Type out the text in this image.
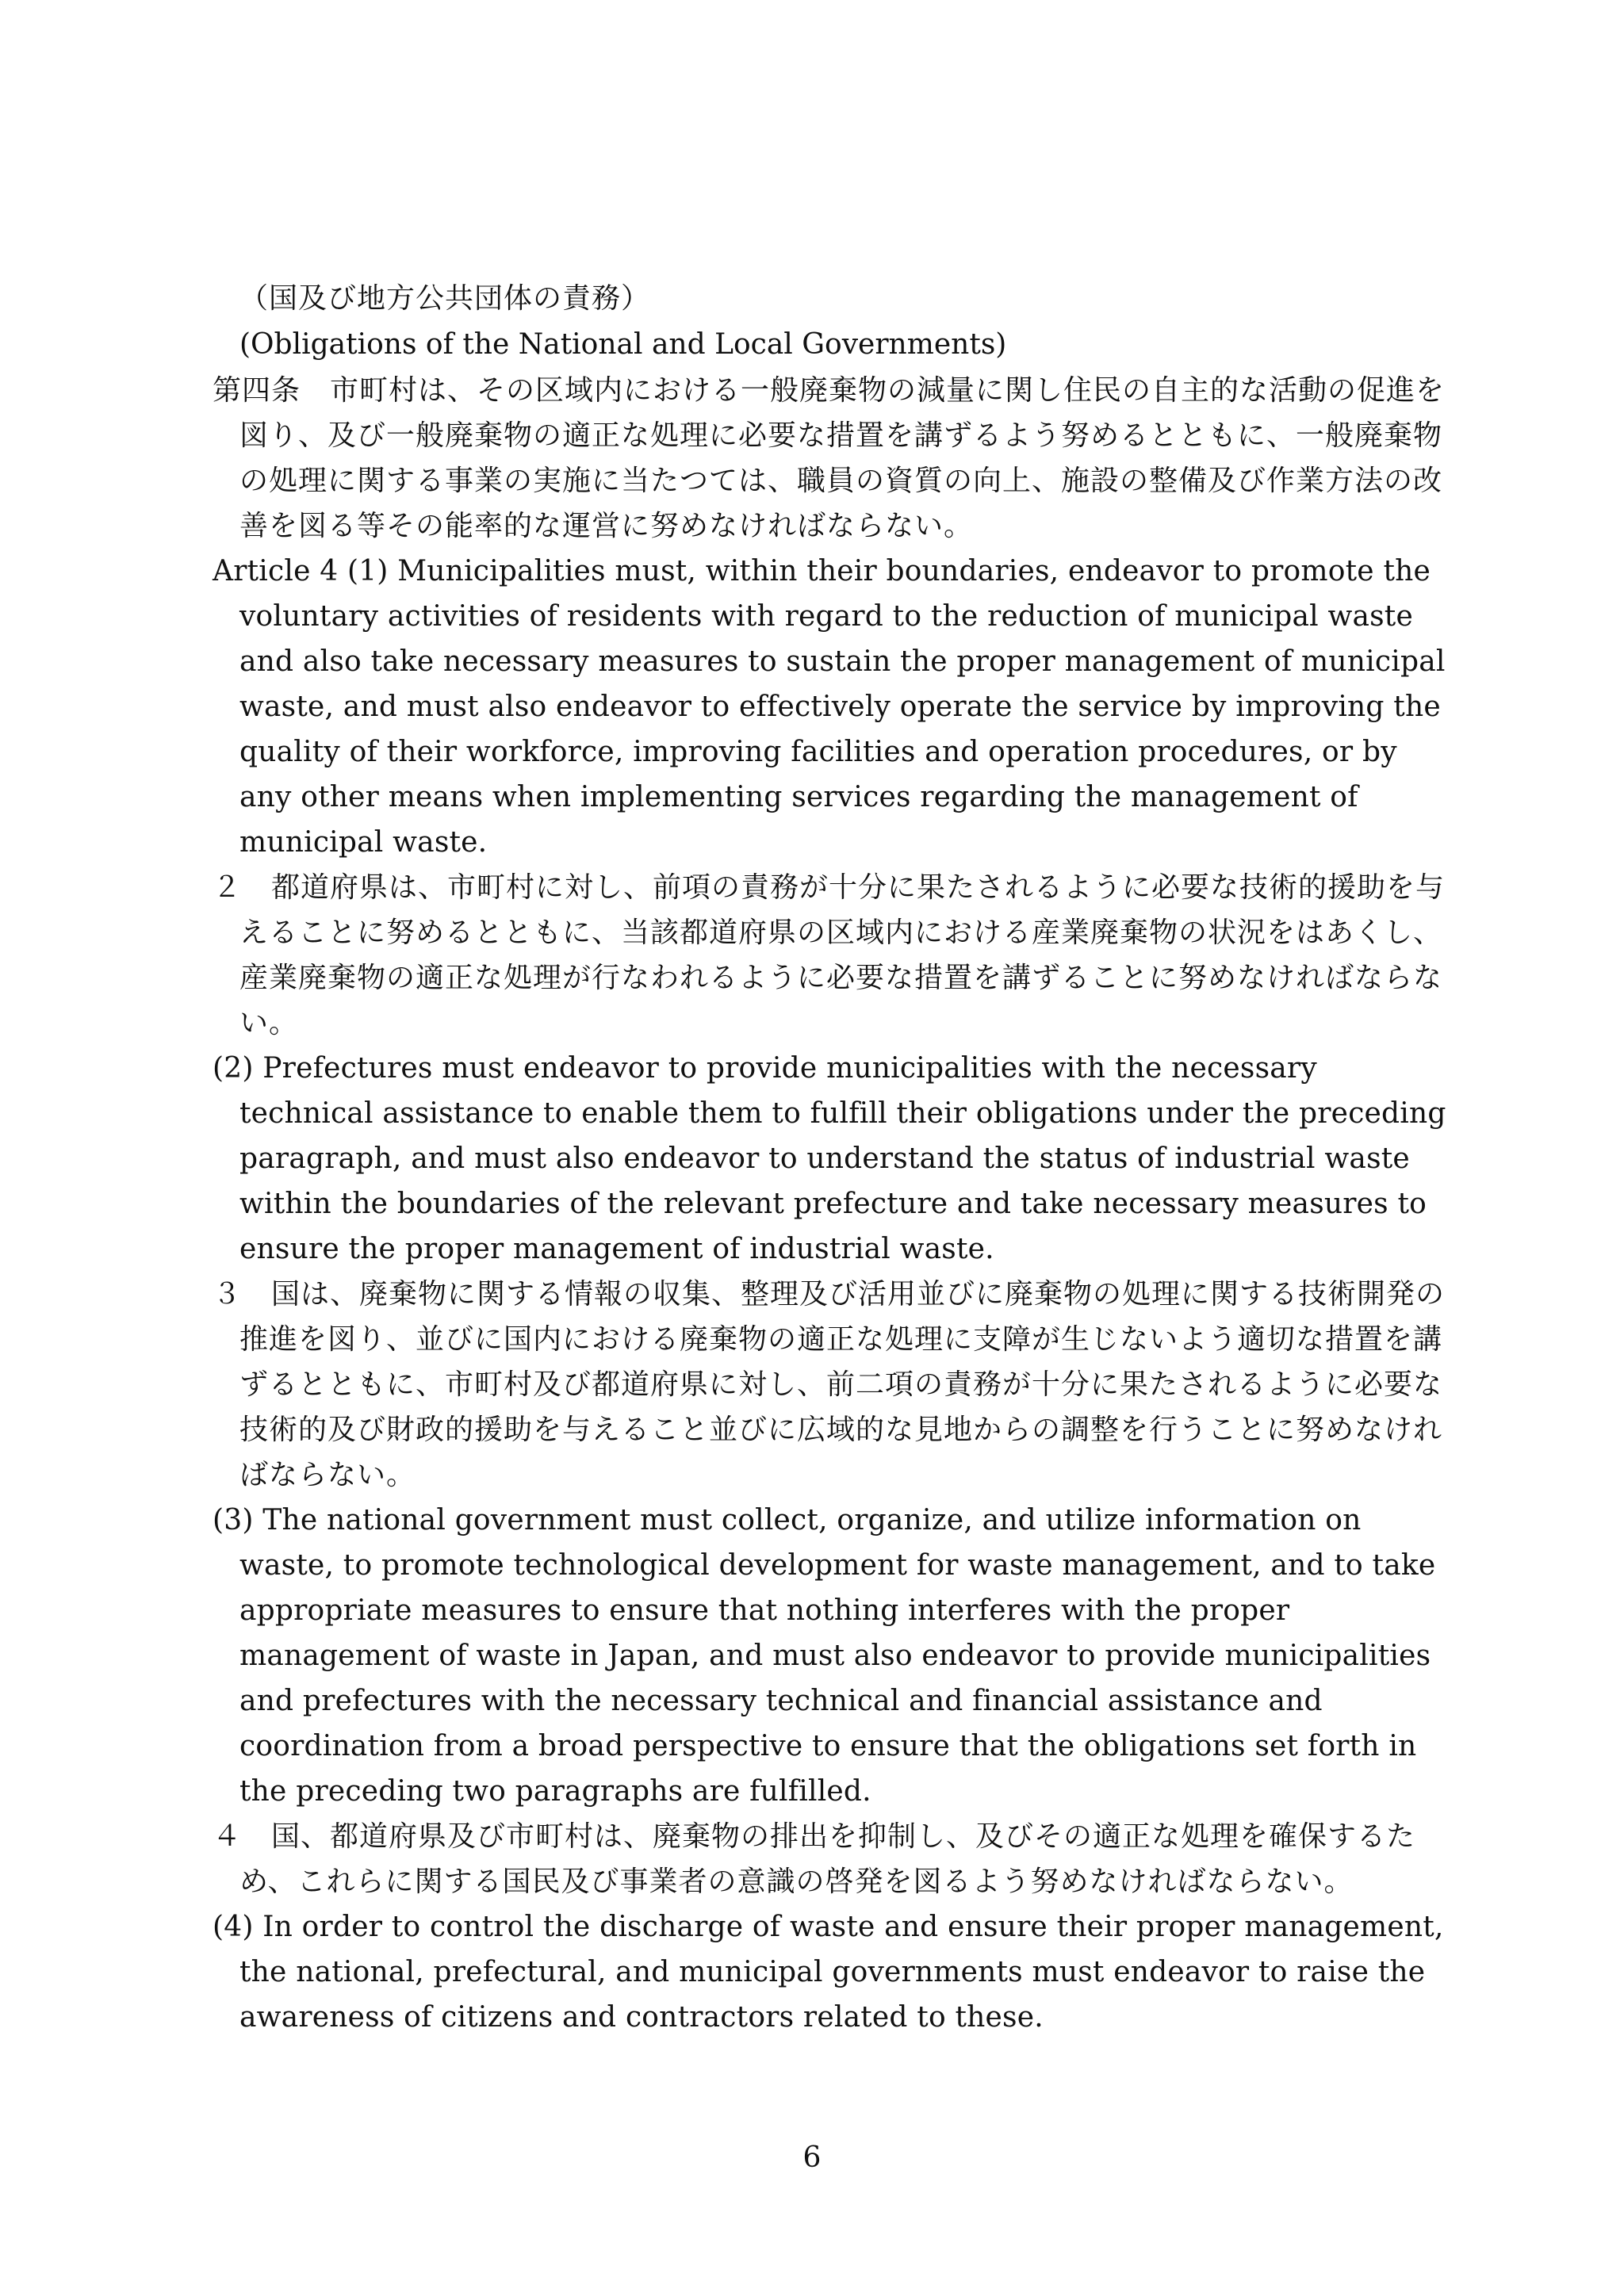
（国及び地方公共団体の責務）

(Obligations of the National and Local Governments)

第四条　市町村は、その区域内における一般廃棄物の減量に関し住民の自主的な活動の促進を図り、及び一般廃棄物の適正な処理に必要な措置を講ずるよう努めるとともに、一般廃棄物の処理に関する事業の実施に当たつては、職員の資質の向上、施設の整備及び作業方法の改善を図る等その能率的な運営に努めなければならない。

Article 4 (1) Municipalities must, within their boundaries, endeavor to promote the voluntary activities of residents with regard to the reduction of municipal waste and also take necessary measures to sustain the proper management of municipal waste, and must also endeavor to effectively operate the service by improving the quality of their workforce, improving facilities and operation procedures, or by any other means when implementing services regarding the management of municipal waste.

２　都道府県は、市町村に対し、前項の責務が十分に果たされるように必要な技術的援助を与えることに努めるとともに、当該都道府県の区域内における産業廃棄物の状況をはあくし、産業廃棄物の適正な処理が行なわれるように必要な措置を講ずることに努めなければならない。

(2) Prefectures must endeavor to provide municipalities with the necessary technical assistance to enable them to fulfill their obligations under the preceding paragraph, and must also endeavor to understand the status of industrial waste within the boundaries of the relevant prefecture and take necessary measures to ensure the proper management of industrial waste.

３　国は、廃棄物に関する情報の収集、整理及び活用並びに廃棄物の処理に関する技術開発の推進を図り、並びに国内における廃棄物の適正な処理に支障が生じないよう適切な措置を講ずるとともに、市町村及び都道府県に対し、前二項の責務が十分に果たされるように必要な技術的及び財政的援助を与えること並びに広域的な見地からの調整を行うことに努めなければならない。

(3) The national government must collect, organize, and utilize information on waste, to promote technological development for waste management, and to take appropriate measures to ensure that nothing interferes with the proper management of waste in Japan, and must also endeavor to provide municipalities and prefectures with the necessary technical and financial assistance and coordination from a broad perspective to ensure that the obligations set forth in the preceding two paragraphs are fulfilled.

４　国、都道府県及び市町村は、廃棄物の排出を抑制し、及びその適正な処理を確保するため、これらに関する国民及び事業者の意識の啓発を図るよう努めなければならない。

(4) In order to control the discharge of waste and ensure their proper management, the national, prefectural, and municipal governments must endeavor to raise the awareness of citizens and contractors related to these.

6
